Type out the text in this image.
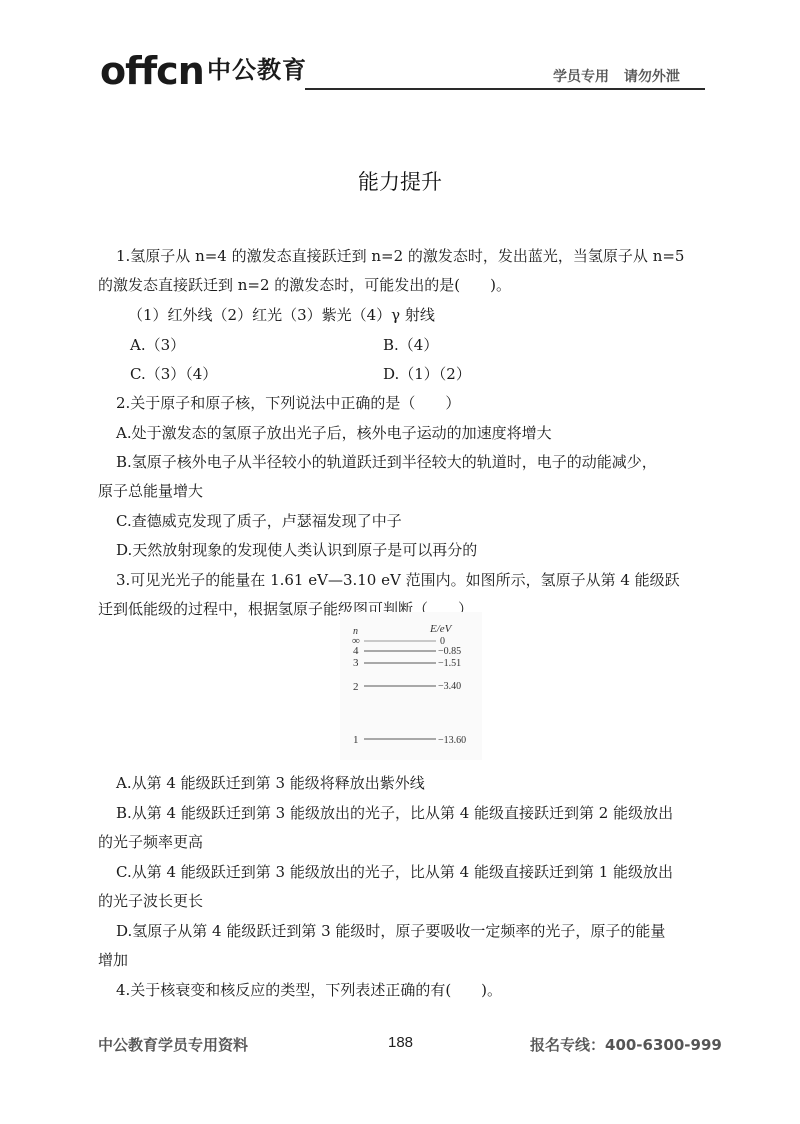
offcn 中公教育	学员专用 请勿外泄
能力提升
1.氢原子从 n=4 的激发态直接跃迁到 n=2 的激发态时，发出蓝光，当氢原子从 n=5
的激发态直接跃迁到 n=2 的激发态时，可能发出的是(　　)。
（1）红外线（2）红光（3）紫光（4）γ 射线
A.（3）	B.（4）
C.（3）（4）	D.（1）（2）
2.关于原子和原子核，下列说法中正确的是（　　）
A.处于激发态的氢原子放出光子后，核外电子运动的加速度将增大
B.氢原子核外电子从半径较小的轨道跃迁到半径较大的轨道时，电子的动能减少，
原子总能量增大
C.查德威克发现了质子，卢瑟福发现了中子
D.天然放射现象的发现使人类认识到原子是可以再分的
3.可见光光子的能量在 1.61 eV—3.10 eV 范围内。如图所示，氢原子从第 4 能级跃
迁到低能级的过程中，根据氢原子能级图可判断（　　）
n	E/eV
∞	0
4	−0.85
3	−1.51
2	−3.40
1	−13.60
A.从第 4 能级跃迁到第 3 能级将释放出紫外线
B.从第 4 能级跃迁到第 3 能级放出的光子，比从第 4 能级直接跃迁到第 2 能级放出
的光子频率更高
C.从第 4 能级跃迁到第 3 能级放出的光子，比从第 4 能级直接跃迁到第 1 能级放出
的光子波长更长
D.氢原子从第 4 能级跃迁到第 3 能级时，原子要吸收一定频率的光子，原子的能量
增加
4.关于核衰变和核反应的类型，下列表述正确的有(　　)。
中公教育学员专用资料	188	报名专线：400-6300-999
